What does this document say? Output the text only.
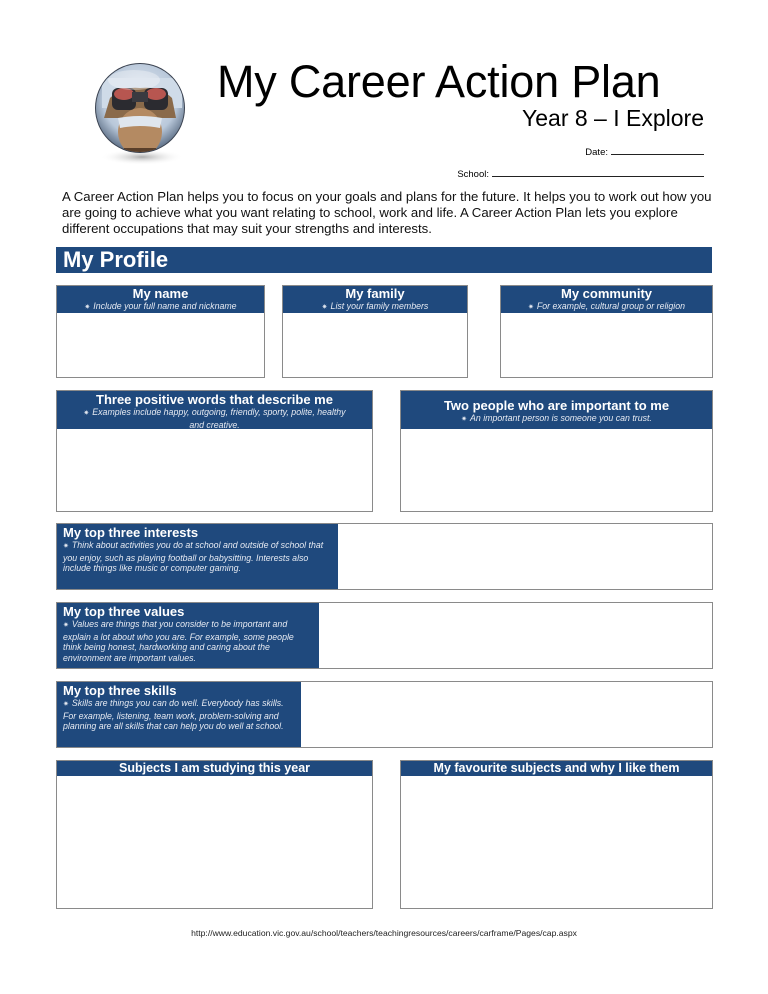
My Career Action Plan
Year 8 – I Explore
Date:
School:
A Career Action Plan helps you to focus on your goals and plans for the future. It helps you to work out how you are going to achieve what you want relating to school, work and life. A Career Action Plan lets you explore different occupations that may suit your strengths and interests.
My Profile
My name
✷ Include your full name and nickname
My family
✷ List your family members
My community
✷ For example, cultural group or religion
Three positive words that describe me
✷ Examples include happy, outgoing, friendly, sporty, polite, healthy and creative.
Two people who are important to me
✷ An important person is someone you can trust.
My top three interests
✷ Think about activities you do at school and outside of school that you enjoy, such as playing football or babysitting. Interests also include things like music or computer gaming.
My top three values
✷ Values are things that you consider to be important and explain a lot about who you are. For example, some people think being honest, hardworking and caring about the environment are important values.
My top three skills
✷ Skills are things you can do well. Everybody has skills. For example, listening, team work, problem-solving and planning are all skills that can help you do well at school.
Subjects I am studying this year	My favourite subjects and why I like them
http://www.education.vic.gov.au/school/teachers/teachingresources/careers/carframe/Pages/cap.aspx
